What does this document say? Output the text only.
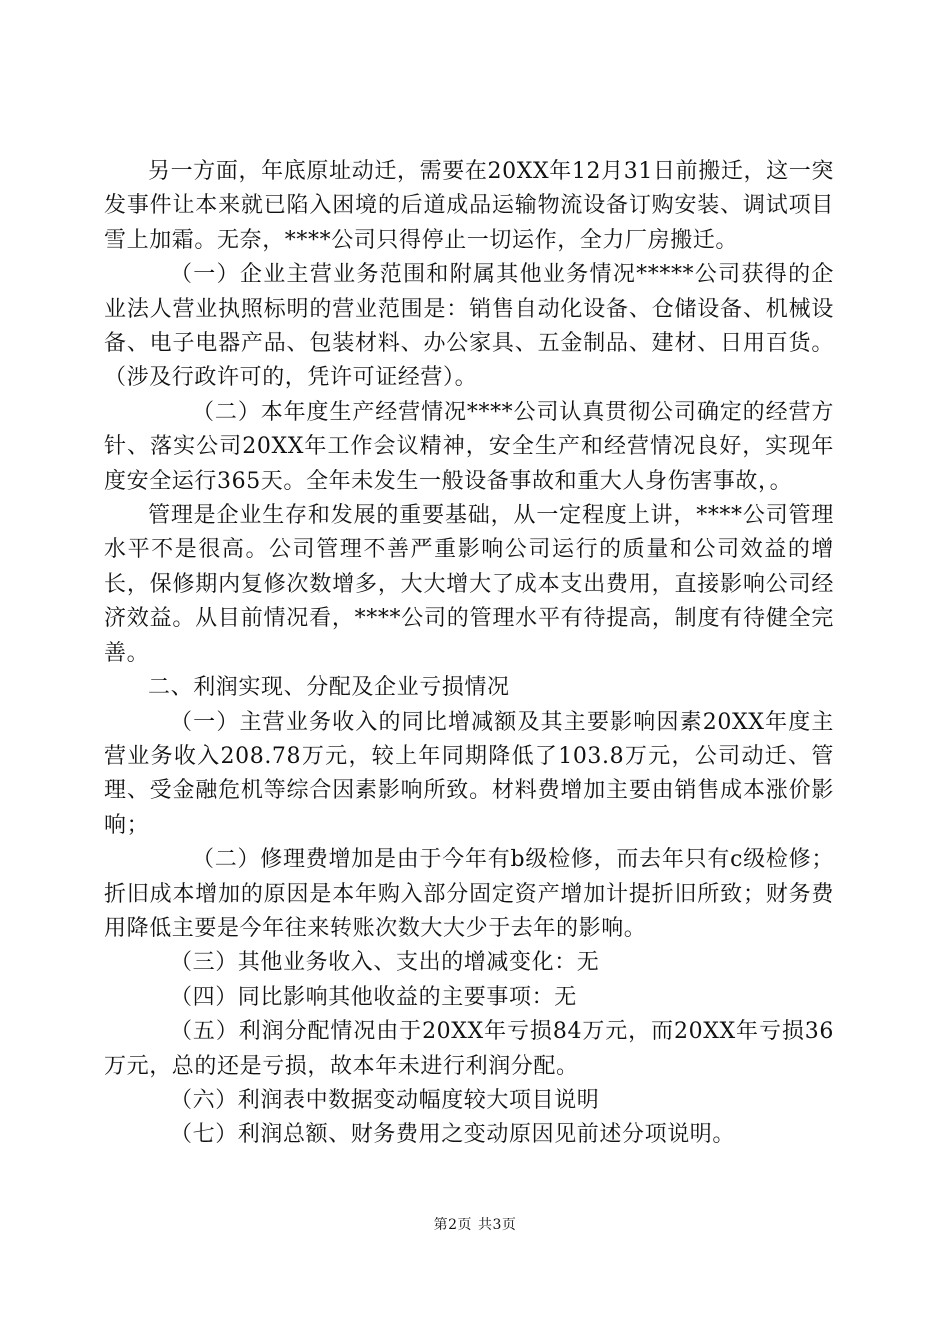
另一方面，年底原址动迁，需要在20XX年12月31日前搬迁，这一突发事件让本来就已陷入困境的后道成品运输物流设备订购安装、调试项目雪上加霜。无奈，****公司只得停止一切运作，全力厂房搬迁。

（一）企业主营业务范围和附属其他业务情况*****公司获得的企业法人营业执照标明的营业范围是：销售自动化设备、仓储设备、机械设备、电子电器产品、包装材料、办公家具、五金制品、建材、日用百货。（涉及行政许可的，凭许可证经营）。

（二）本年度生产经营情况****公司认真贯彻公司确定的经营方针、落实公司20XX年工作会议精神，安全生产和经营情况良好，实现年度安全运行365天。全年未发生一般设备事故和重大人身伤害事故，。

管理是企业生存和发展的重要基础，从一定程度上讲，****公司管理水平不是很高。公司管理不善严重影响公司运行的质量和公司效益的增长，保修期内复修次数增多，大大增大了成本支出费用，直接影响公司经济效益。从目前情况看，****公司的管理水平有待提高，制度有待健全完善。

二、利润实现、分配及企业亏损情况

（一）主营业务收入的同比增减额及其主要影响因素20XX年度主营业务收入208.78万元，较上年同期降低了103.8万元，公司动迁、管理、受金融危机等综合因素影响所致。材料费增加主要由销售成本涨价影响；

（二）修理费增加是由于今年有b级检修，而去年只有c级检修；折旧成本增加的原因是本年购入部分固定资产增加计提折旧所致；财务费用降低主要是今年往来转账次数大大少于去年的影响。

（三）其他业务收入、支出的增减变化：无

（四）同比影响其他收益的主要事项：无

（五）利润分配情况由于20XX年亏损84万元，而20XX年亏损36万元，总的还是亏损，故本年未进行利润分配。

（六）利润表中数据变动幅度较大项目说明

（七）利润总额、财务费用之变动原因见前述分项说明。

第2页 共3页
